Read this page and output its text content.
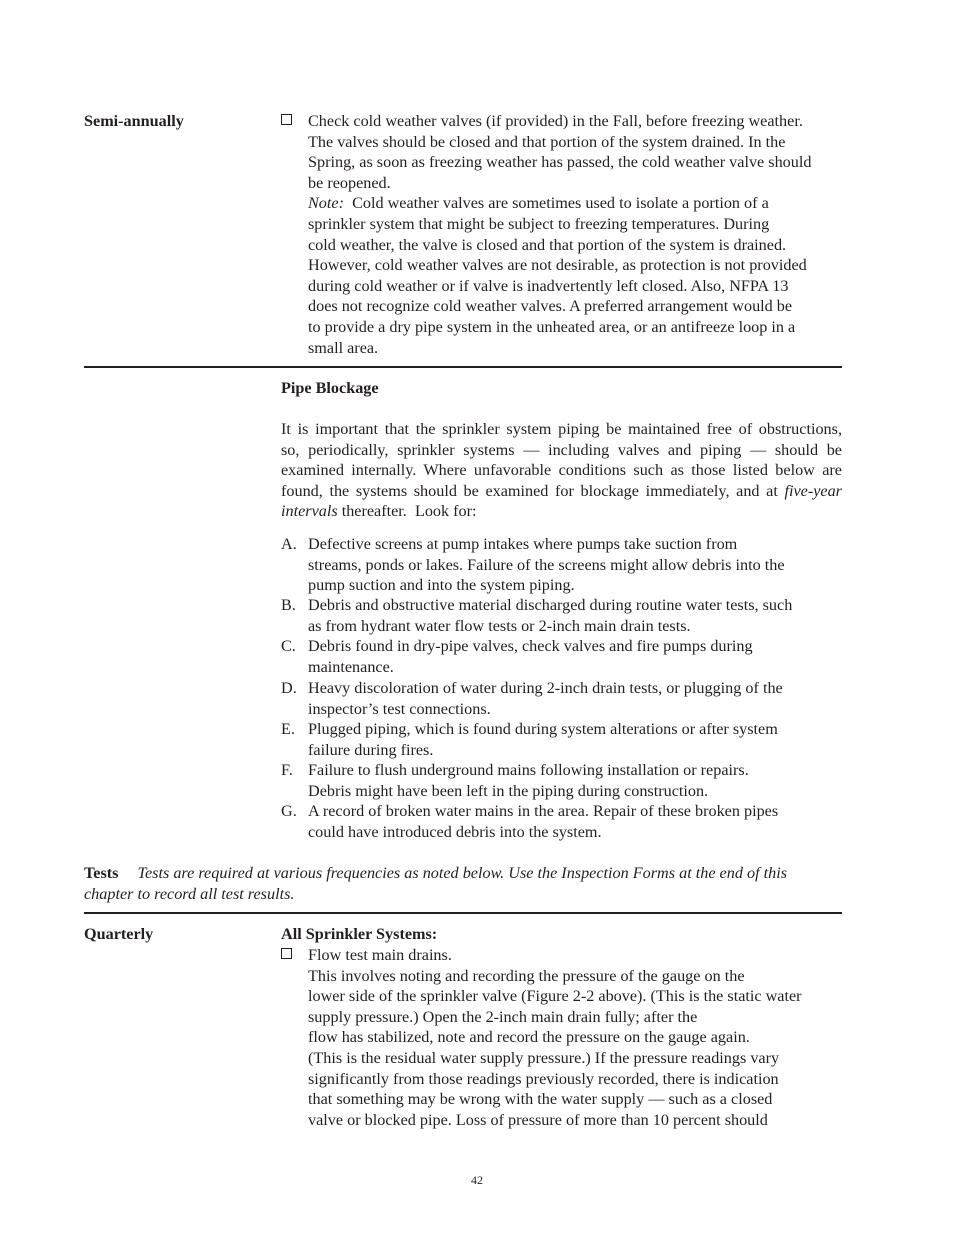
Semi-annually	Check cold weather valves (if provided) in the Fall, before freezing weather.
The valves should be closed and that portion of the system drained. In the
Spring, as soon as freezing weather has passed, the cold weather valve should
be reopened.
Note:  Cold weather valves are sometimes used to isolate a portion of a
sprinkler system that might be subject to freezing temperatures. During
cold weather, the valve is closed and that portion of the system is drained.
However, cold weather valves are not desirable, as protection is not provided
during cold weather or if valve is inadvertently left closed. Also, NFPA 13
does not recognize cold weather valves. A preferred arrangement would be
to provide a dry pipe system in the unheated area, or an antifreeze loop in a
small area.
Pipe Blockage
It is important that the sprinkler system piping be maintained free of obstructions,
so, periodically, sprinkler systems — including valves and piping — should be
examined internally. Where unfavorable conditions such as those listed below are
found, the systems should be examined for blockage immediately, and at five-year
intervals thereafter.  Look for:
A. Defective screens at pump intakes where pumps take suction from
streams, ponds or lakes. Failure of the screens might allow debris into the
pump suction and into the system piping.
B. Debris and obstructive material discharged during routine water tests, such
as from hydrant water flow tests or 2-inch main drain tests.
C. Debris found in dry-pipe valves, check valves and fire pumps during
maintenance.
D. Heavy discoloration of water during 2-inch drain tests, or plugging of the
inspector’s test connections.
E. Plugged piping, which is found during system alterations or after system
failure during fires.
F. Failure to flush underground mains following installation or repairs.
Debris might have been left in the piping during construction.
G. A record of broken water mains in the area. Repair of these broken pipes
could have introduced debris into the system.
Tests Tests are required at various frequencies as noted below. Use the Inspection Forms at the end of this
chapter to record all test results.
Quarterly	All Sprinkler Systems:
Flow test main drains.
This involves noting and recording the pressure of the gauge on the
lower side of the sprinkler valve (Figure 2-2 above). (This is the static water
supply pressure.) Open the 2-inch main drain fully; after the
flow has stabilized, note and record the pressure on the gauge again.
(This is the residual water supply pressure.) If the pressure readings vary
significantly from those readings previously recorded, there is indication
that something may be wrong with the water supply — such as a closed
valve or blocked pipe. Loss of pressure of more than 10 percent should
42
